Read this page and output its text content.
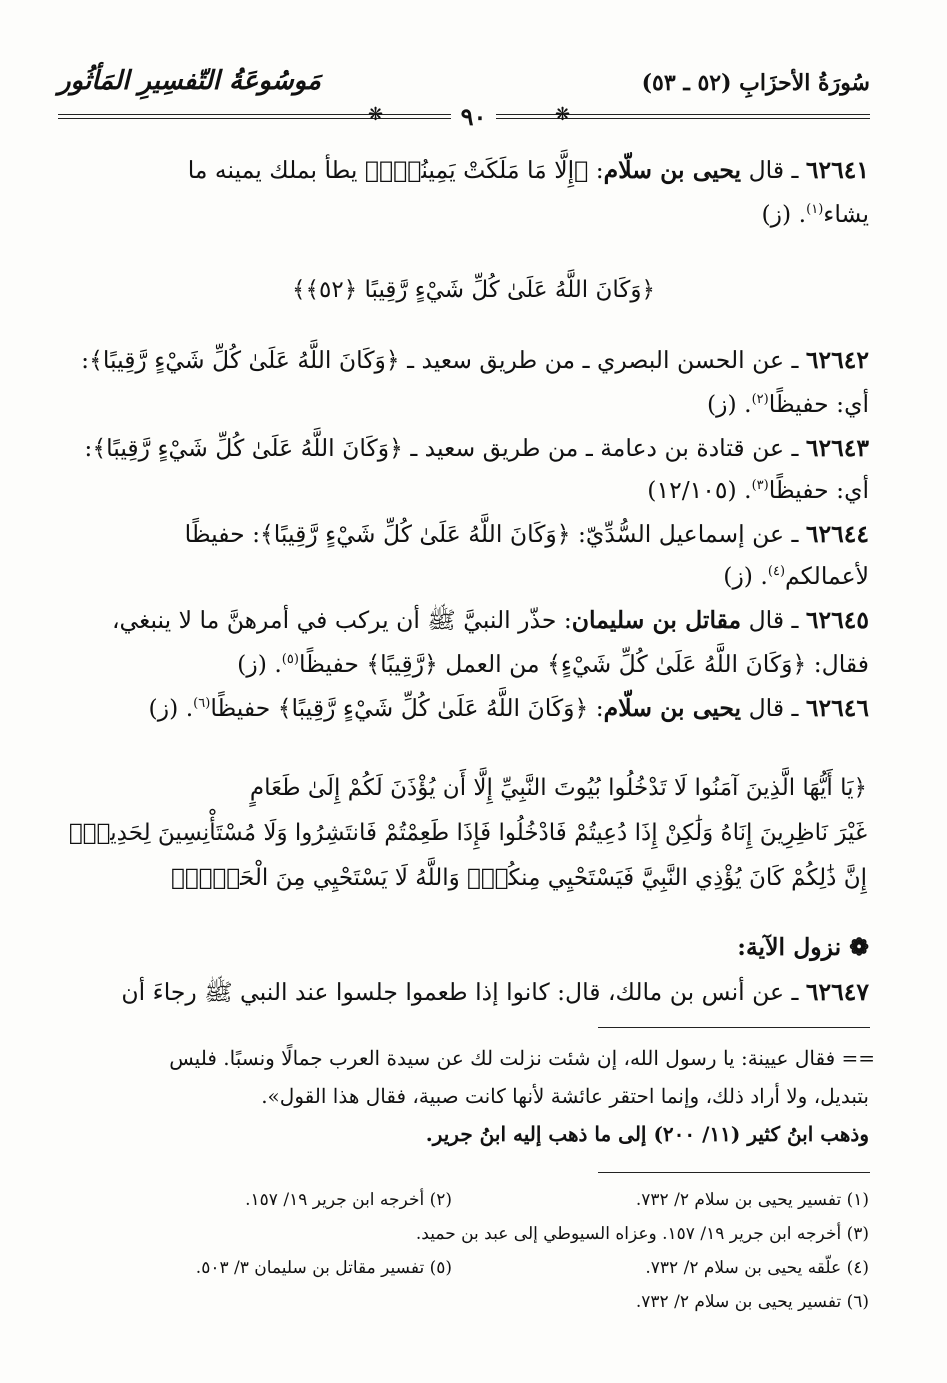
سُورَةُ الأحزَابِ (٥٢ ـ ٥٣)
مَوسُوعَةُ التّفسِيرِ المَأثُور
٩٠
❋	❋
٦٢٦٤١ ـ قال يحيى بن سلّام: ﴿إِلَّا مَا مَلَكَتْ يَمِينُكَۗ﴾ يطأ بملك يمينه ما
يشاء$^{(١)}$. (ز)
﴿وَكَانَ اللَّهُ عَلَىٰ كُلِّ شَيْءٍ رَّقِيبًا ﴿٥٢﴾﴾
٦٢٦٤٢ ـ عن الحسن البصري ـ من طريق سعيد ـ ﴿وَكَانَ اللَّهُ عَلَىٰ كُلِّ شَيْءٍ رَّقِيبًا﴾:
أي: حفيظًا$^{(٢)}$. (ز)
٦٢٦٤٣ ـ عن قتادة بن دعامة ـ من طريق سعيد ـ ﴿وَكَانَ اللَّهُ عَلَىٰ كُلِّ شَيْءٍ رَّقِيبًا﴾:
أي: حفيظًا$^{(٣)}$. (١٢/١٠٥)
٦٢٦٤٤ ـ عن إسماعيل السُّدِّيّ: ﴿وَكَانَ اللَّهُ عَلَىٰ كُلِّ شَيْءٍ رَّقِيبًا﴾: حفيظًا
لأعمالكم$^{(٤)}$. (ز)
٦٢٦٤٥ ـ قال مقاتل بن سليمان: حذّر النبيَّ ﷺ أن يركب في أمرهنَّ ما لا ينبغي،
فقال: ﴿وَكَانَ اللَّهُ عَلَىٰ كُلِّ شَيْءٍ﴾ من العمل ﴿رَّقِيبًا﴾ حفيظًا$^{(٥)}$. (ز)
٦٢٦٤٦ ـ قال يحيى بن سلّام: ﴿وَكَانَ اللَّهُ عَلَىٰ كُلِّ شَيْءٍ رَّقِيبًا﴾ حفيظًا$^{(٦)}$. (ز)
﴿يَا أَيُّهَا الَّذِينَ آمَنُوا لَا تَدْخُلُوا بُيُوتَ النَّبِيِّ إِلَّا أَن يُؤْذَنَ لَكُمْ إِلَىٰ طَعَامٍ
غَيْرَ نَاظِرِينَ إِنَاهُ وَلَٰكِنْ إِذَا دُعِيتُمْ فَادْخُلُوا فَإِذَا طَعِمْتُمْ فَانتَشِرُوا وَلَا مُسْتَأْنِسِينَ لِحَدِيثٍۚ
إِنَّ ذَٰلِكُمْ كَانَ يُؤْذِي النَّبِيَّ فَيَسْتَحْيِي مِنكُمْۖ وَاللَّهُ لَا يَسْتَحْيِي مِنَ الْحَقِّۚ﴾
❁ نزول الآية:
٦٢٦٤٧ ـ عن أنس بن مالك، قال: كانوا إذا طعموا جلسوا عند النبي ﷺ رجاءَ أن
== فقال عيينة: يا رسول الله، إن شئت نزلت لك عن سيدة العرب جمالًا ونسبًا. فليس
بتبديل، ولا أراد ذلك، وإنما احتقر عائشة لأنها كانت صبية، فقال هذا القول».
وذهب ابنُ كثير (١١/ ٢٠٠) إلى ما ذهب إليه ابنُ جرير.
(١) تفسير يحيى بن سلام ٢/ ٧٣٢.
(٢) أخرجه ابن جرير ١٩/ ١٥٧.
(٣) أخرجه ابن جرير ١٩/ ١٥٧. وعزاه السيوطي إلى عبد بن حميد.
(٤) علّقه يحيى بن سلام ٢/ ٧٣٢.
(٥) تفسير مقاتل بن سليمان ٣/ ٥٠٣.
(٦) تفسير يحيى بن سلام ٢/ ٧٣٢.
